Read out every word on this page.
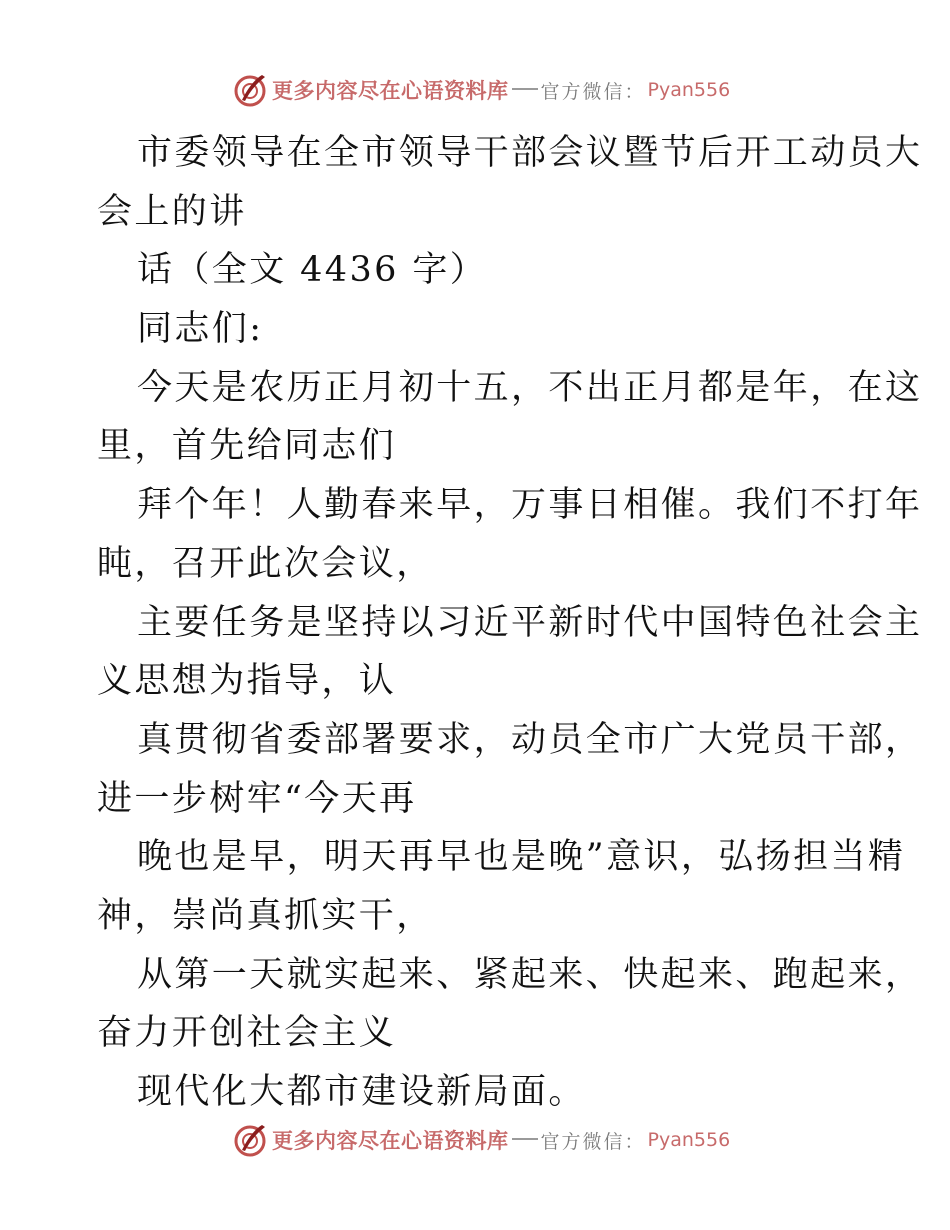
更多内容尽在心语资料库 官方微信： Pyan556
市委领导在全市领导干部会议暨节后开工动员大
会上的讲
话（全文 4436 字）
同志们:
今天是农历正月初十五，不出正月都是年，在这
里，首先给同志们
拜个年！人勤春来早，万事日相催。我们不打年
盹，召开此次会议，
主要任务是坚持以习近平新时代中国特色社会主
义思想为指导，认
真贯彻省委部署要求，动员全市广大党员干部，
进一步树牢“今天再
晚也是早，明天再早也是晚”意识，弘扬担当精
神，崇尚真抓实干，
从第一天就实起来、紧起来、快起来、跑起来，
奋力开创社会主义
现代化大都市建设新局面。
更多内容尽在心语资料库 官方微信： Pyan556
